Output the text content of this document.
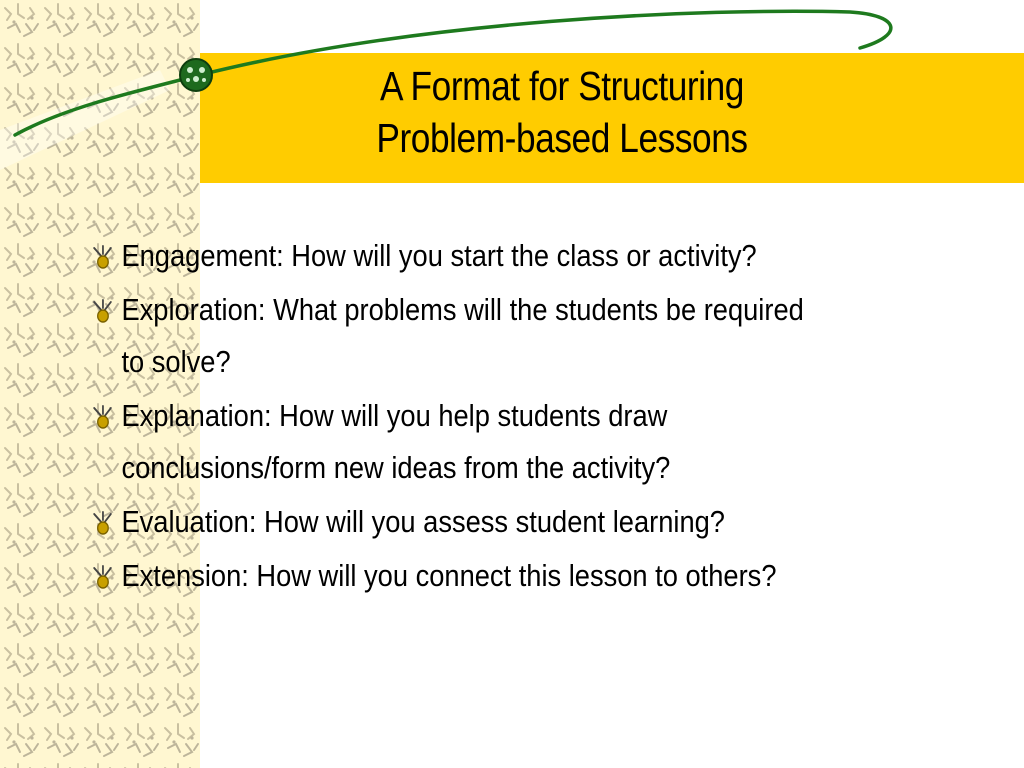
A Format for Structuring
Problem-based Lessons
Engagement: How will you start the class or activity?
Exploration: What problems will the students be required to solve?
Explanation: How will you help students draw conclusions/form new ideas from the activity?
Evaluation: How will you assess student learning?
Extension: How will you connect this lesson to others?
